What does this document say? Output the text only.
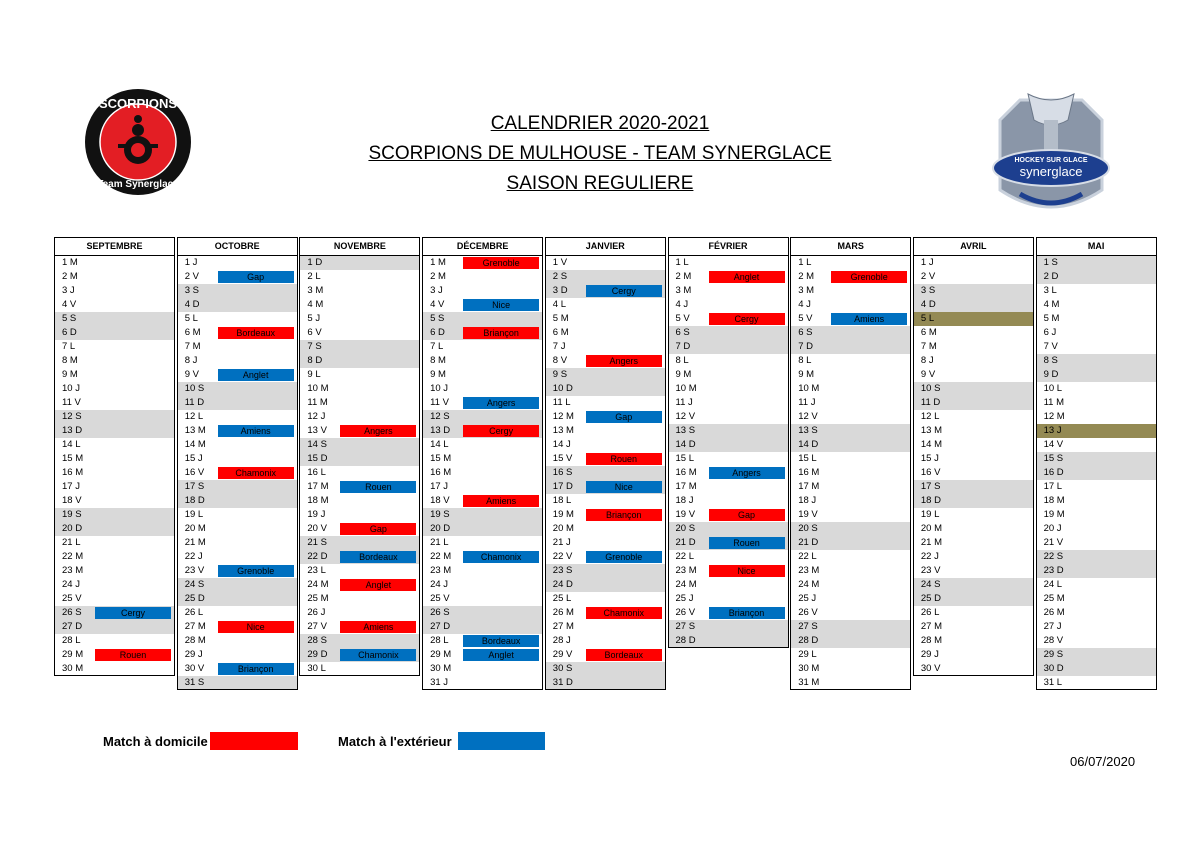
CALENDRIER 2020-2021
SCORPIONS DE MULHOUSE - TEAM SYNERGLACE
SAISON REGULIERE
SCORPIONS
Team Synerglace
HOCKEY SUR GLACE
synerglace
SEPTEMBRE
1 M
2 M
3 J
4 V
5 S
6 D
7 L
8 M
9 M
10 J
11 V
12 S
13 D
14 L
15 M
16 M
17 J
18 V
19 S
20 D
21 L
22 M
23 M
24 J
25 V
26 S	Cergy
27 D
28 L
29 M	Rouen
30 M
OCTOBRE
1 J
2 V	Gap
3 S
4 D
5 L
6 M	Bordeaux
7 M
8 J
9 V	Anglet
10 S
11 D
12 L
13 M	Amiens
14 M
15 J
16 V	Chamonix
17 S
18 D
19 L
20 M
21 M
22 J
23 V	Grenoble
24 S
25 D
26 L
27 M	Nice
28 M
29 J
30 V	Briançon
31 S
NOVEMBRE
1 D
2 L
3 M
4 M
5 J
6 V
7 S
8 D
9 L
10 M
11 M
12 J
13 V	Angers
14 S
15 D
16 L
17 M	Rouen
18 M
19 J
20 V	Gap
21 S
22 D	Bordeaux
23 L
24 M	Anglet
25 M
26 J
27 V	Amiens
28 S
29 D	Chamonix
30 L
DÉCEMBRE
1 M	Grenoble
2 M
3 J
4 V	Nice
5 S
6 D	Briançon
7 L
8 M
9 M
10 J
11 V	Angers
12 S
13 D	Cergy
14 L
15 M
16 M
17 J
18 V	Amiens
19 S
20 D
21 L
22 M	Chamonix
23 M
24 J
25 V
26 S
27 D
28 L	Bordeaux
29 M	Anglet
30 M
31 J
JANVIER
1 V
2 S
3 D	Cergy
4 L
5 M
6 M
7 J
8 V	Angers
9 S
10 D
11 L
12 M	Gap
13 M
14 J
15 V	Rouen
16 S
17 D	Nice
18 L
19 M	Briançon
20 M
21 J
22 V	Grenoble
23 S
24 D
25 L
26 M	Chamonix
27 M
28 J
29 V	Bordeaux
30 S
31 D
FÉVRIER
1 L
2 M	Anglet
3 M
4 J
5 V	Cergy
6 S
7 D
8 L
9 M
10 M
11 J
12 V
13 S
14 D
15 L
16 M	Angers
17 M
18 J
19 V	Gap
20 S
21 D	Rouen
22 L
23 M	Nice
24 M
25 J
26 V	Briançon
27 S
28 D
MARS
1 L
2 M	Grenoble
3 M
4 J
5 V	Amiens
6 S
7 D
8 L
9 M
10 M
11 J
12 V
13 S
14 D
15 L
16 M
17 M
18 J
19 V
20 S
21 D
22 L
23 M
24 M
25 J
26 V
27 S
28 D
29 L
30 M
31 M
AVRIL
1 J
2 V
3 S
4 D
5 L
6 M
7 M
8 J
9 V
10 S
11 D
12 L
13 M
14 M
15 J
16 V
17 S
18 D
19 L
20 M
21 M
22 J
23 V
24 S
25 D
26 L
27 M
28 M
29 J
30 V
MAI
1 S
2 D
3 L
4 M
5 M
6 J
7 V
8 S
9 D
10 L
11 M
12 M
13 J
14 V
15 S
16 D
17 L
18 M
19 M
20 J
21 V
22 S
23 D
24 L
25 M
26 M
27 J
28 V
29 S
30 D
31 L
Match à domicile	Match à l'extérieur
06/07/2020
